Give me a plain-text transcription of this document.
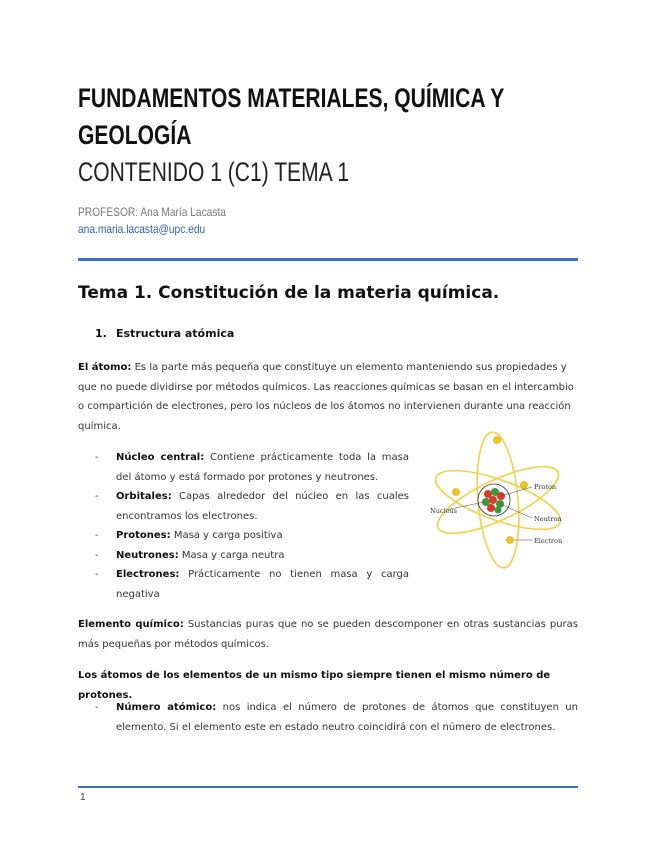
FUNDAMENTOS MATERIALES, QUÍMICA Y GEOLOGÍA
CONTENIDO 1 (C1) TEMA 1
PROFESOR: Ana María Lacasta
ana.maria.lacasta@upc.edu
Tema 1. Constitución de la materia química.
1. Estructura atómica
El átomo: Es la parte más pequeña que constituye un elemento manteniendo sus propiedades y que no puede dividirse por métodos químicos. Las reacciones químicas se basan en el intercambio o compartición de electrones, pero los núcleos de los átomos no intervienen durante una reacción química.
- Núcleo central: Contiene prácticamente toda la masa del átomo y está formado por protones y neutrones.
- Orbitales: Capas alrededor del núcleo en las cuales encontramos los electrones.
- Protones: Masa y carga positiva
- Neutrones: Masa y carga neutra
- Electrones: Prácticamente no tienen masa y carga negativa
Proton
Nucleus
Neutron
Electron
Elemento químico: Sustancias puras que no se pueden descomponer en otras sustancias puras más pequeñas por métodos químicos.
Los átomos de los elementos de un mismo tipo siempre tienen el mismo número de protones.
- Número atómico: nos indica el número de protones de átomos que constituyen un elemento. Si el elemento este en estado neutro coincidirá con el número de electrones.
1
